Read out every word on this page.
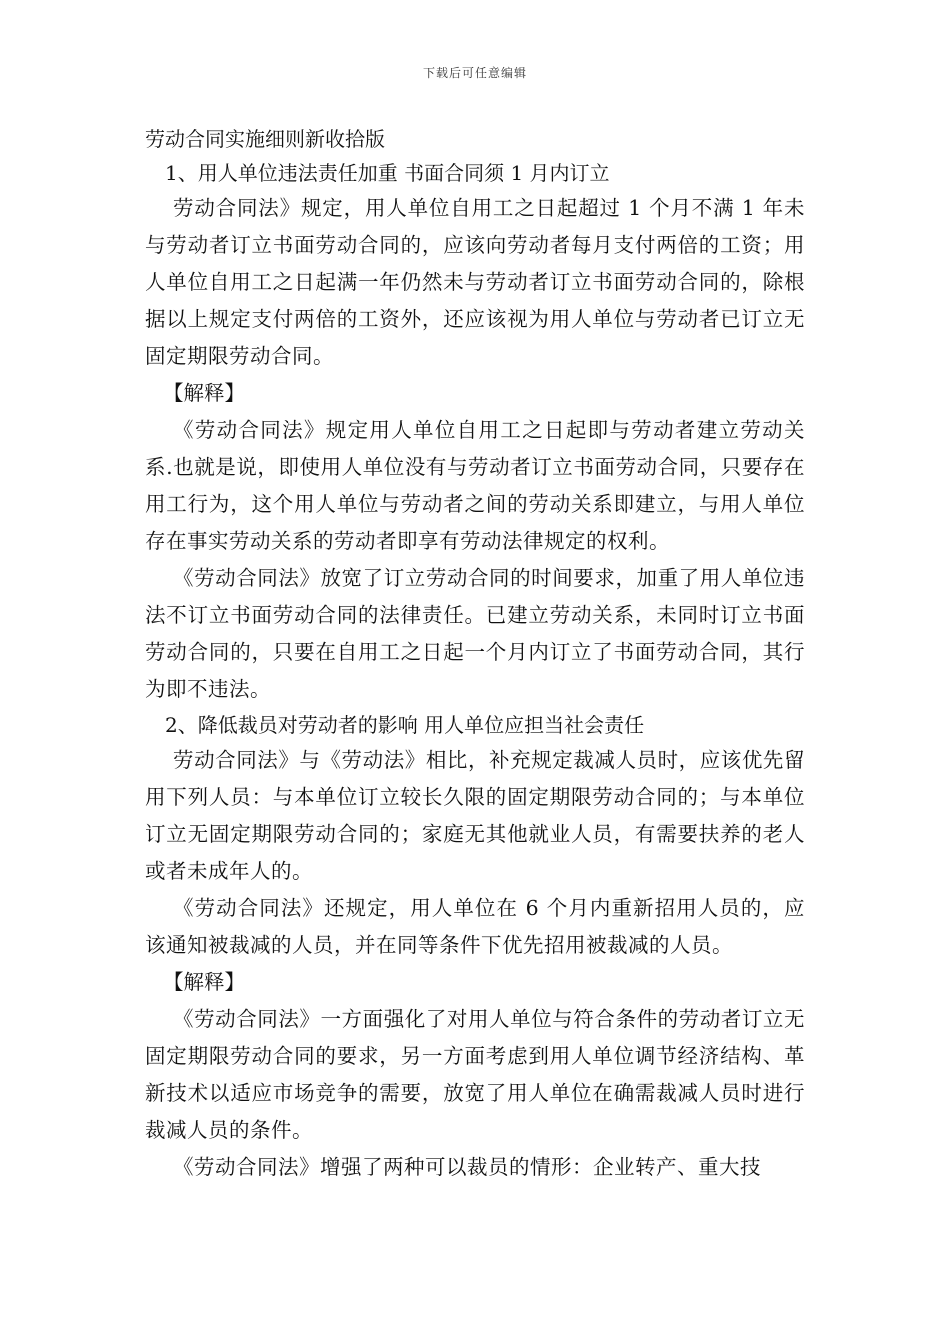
下载后可任意编辑

劳动合同实施细则新收拾版

1、用人单位违法责任加重 书面合同须 1 月内订立

劳动合同法》规定，用人单位自用工之日起超过 1 个月不满 1 年未与劳动者订立书面劳动合同的，应该向劳动者每月支付两倍的工资；用人单位自用工之日起满一年仍然未与劳动者订立书面劳动合同的，除根据以上规定支付两倍的工资外，还应该视为用人单位与劳动者已订立无固定期限劳动合同。

【解释】

《劳动合同法》规定用人单位自用工之日起即与劳动者建立劳动关系.也就是说，即使用人单位没有与劳动者订立书面劳动合同，只要存在用工行为，这个用人单位与劳动者之间的劳动关系即建立，与用人单位存在事实劳动关系的劳动者即享有劳动法律规定的权利。

《劳动合同法》放宽了订立劳动合同的时间要求，加重了用人单位违法不订立书面劳动合同的法律责任。已建立劳动关系，未同时订立书面劳动合同的，只要在自用工之日起一个月内订立了书面劳动合同，其行为即不违法。

2、降低裁员对劳动者的影响 用人单位应担当社会责任

劳动合同法》与《劳动法》相比，补充规定裁减人员时，应该优先留用下列人员：与本单位订立较长久限的固定期限劳动合同的；与本单位订立无固定期限劳动合同的；家庭无其他就业人员，有需要扶养的老人或者未成年人的。

《劳动合同法》还规定，用人单位在 6 个月内重新招用人员的，应该通知被裁减的人员，并在同等条件下优先招用被裁减的人员。

【解释】

《劳动合同法》一方面强化了对用人单位与符合条件的劳动者订立无固定期限劳动合同的要求，另一方面考虑到用人单位调节经济结构、革新技术以适应市场竞争的需要，放宽了用人单位在确需裁减人员时进行裁减人员的条件。

《劳动合同法》增强了两种可以裁员的情形：企业转产、重大技
